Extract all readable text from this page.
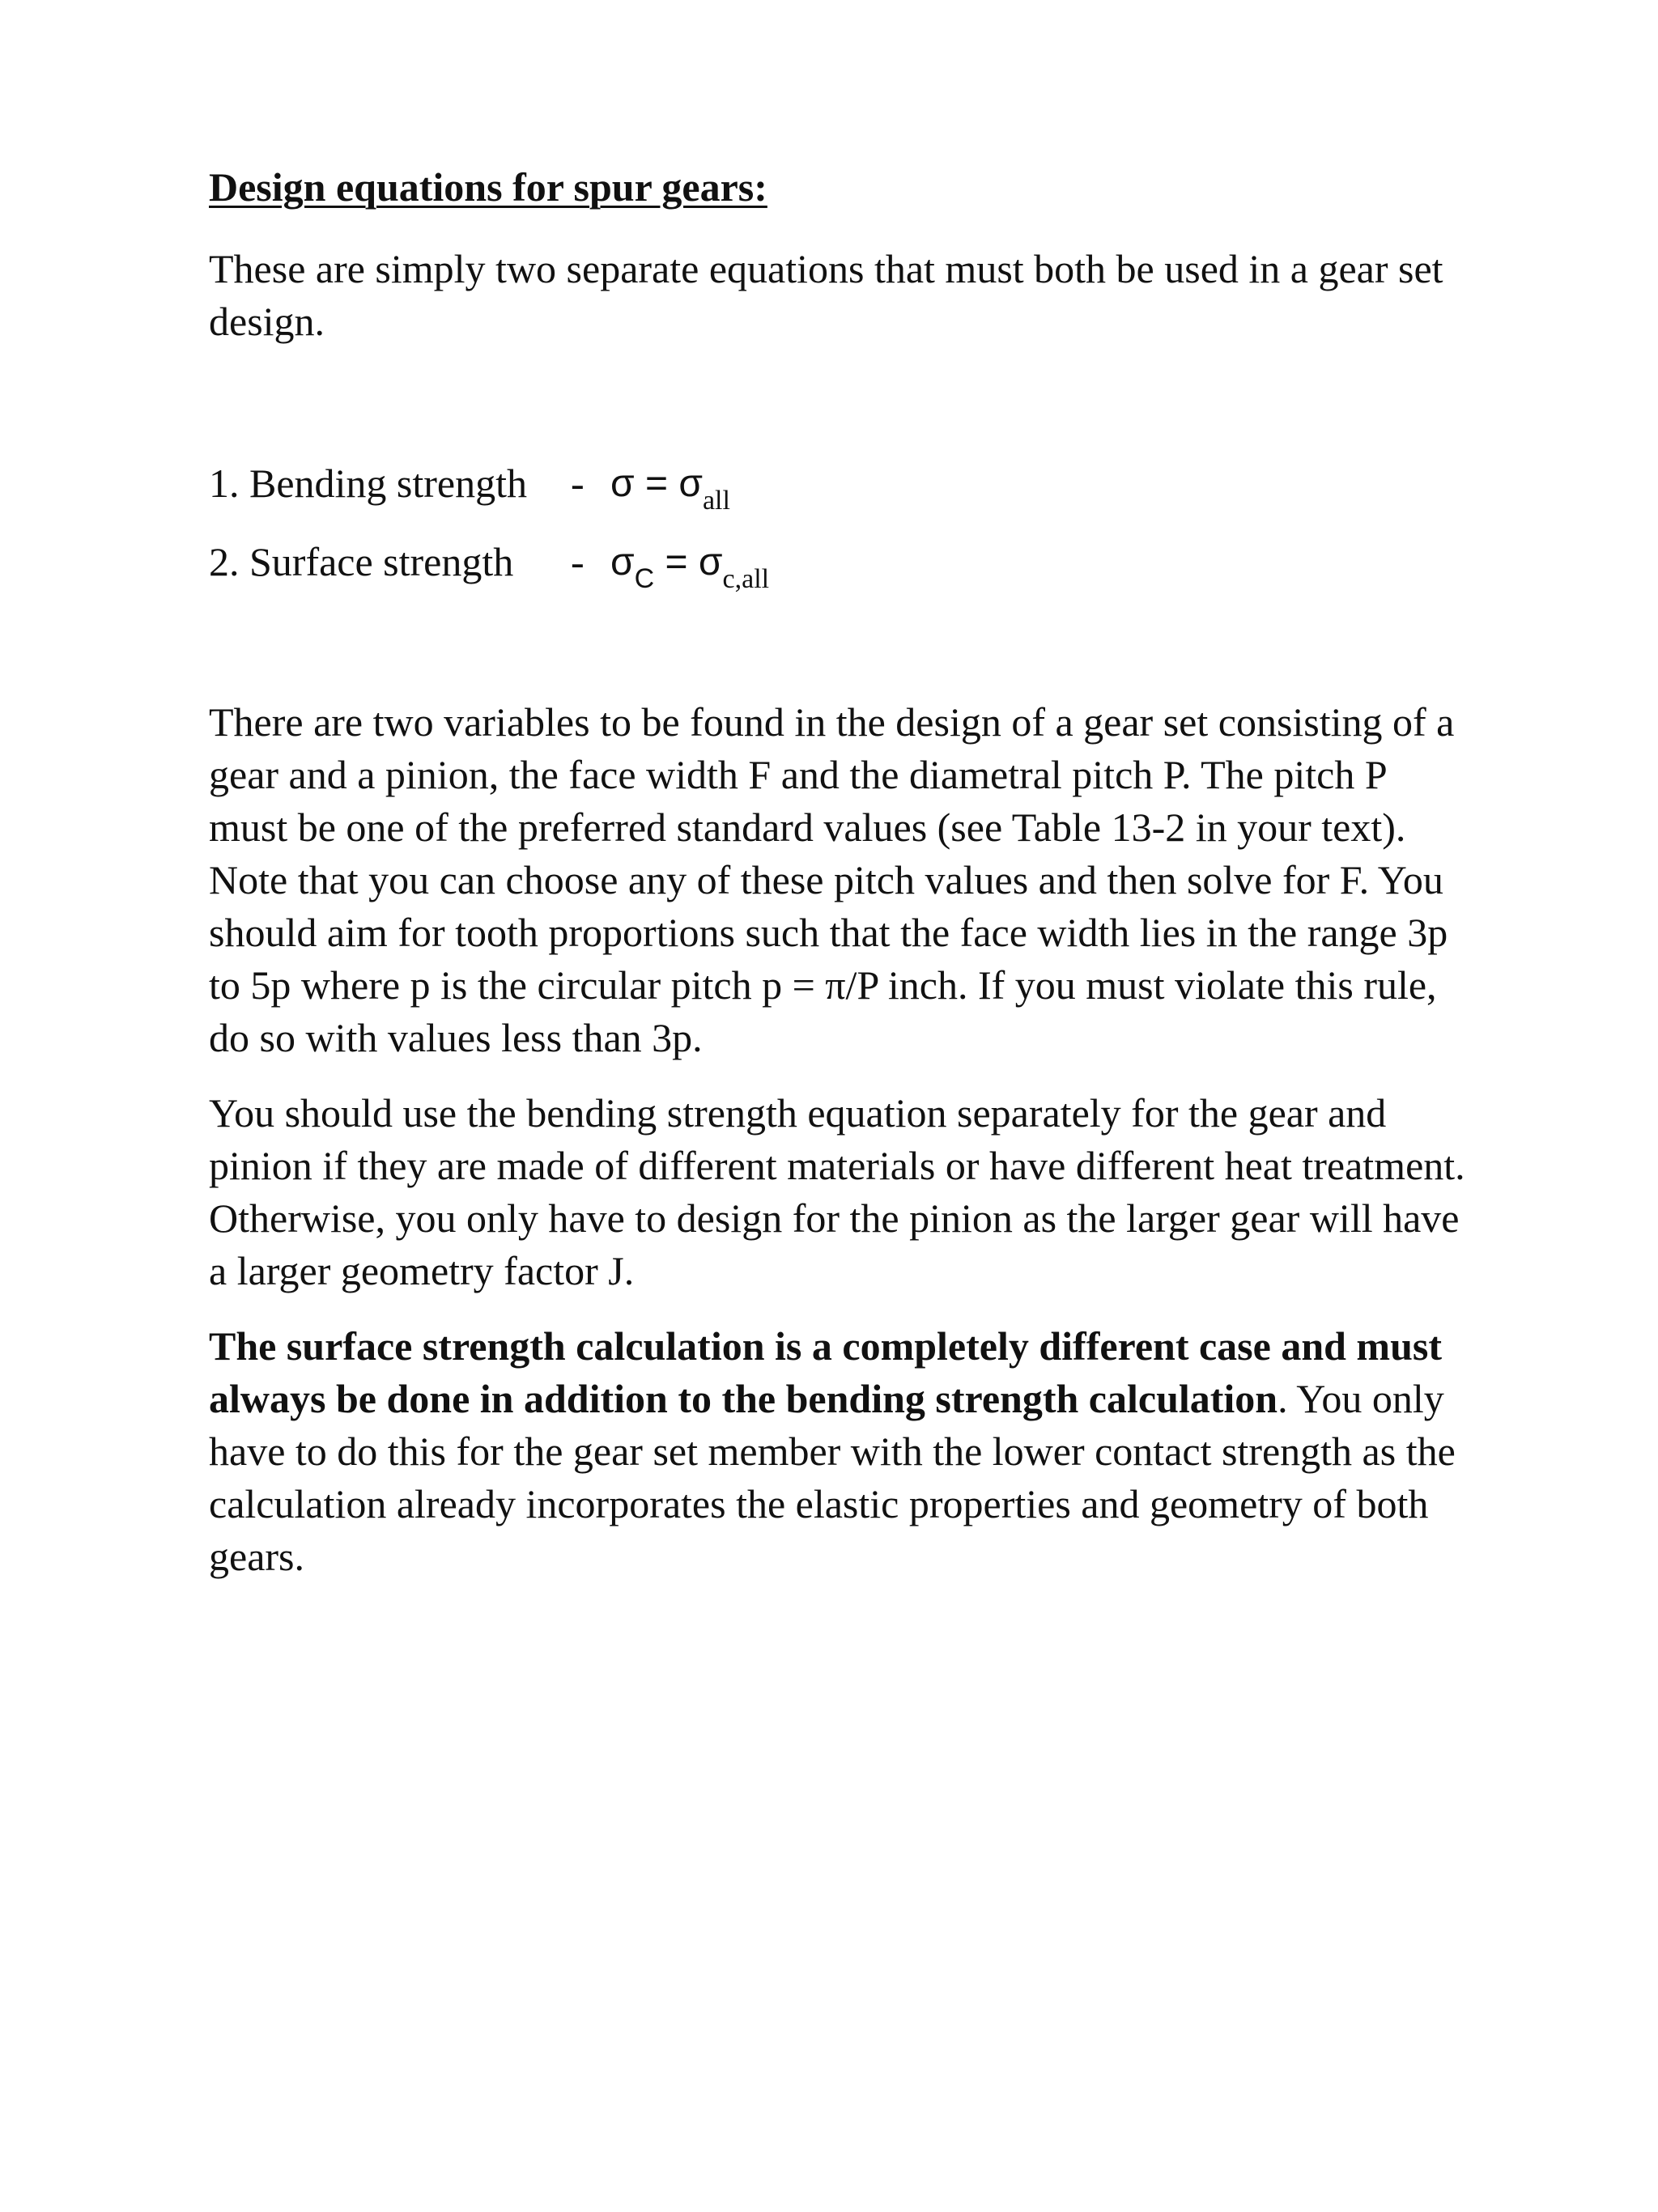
Design equations for spur gears:

These are simply two separate equations that must both be used in a gear set design.

1. Bending strength - $\sigma = \sigma_{all}$
2. Surface strength - $\sigma_C = \sigma_{c,all}$

There are two variables to be found in the design of a gear set consisting of a gear and a pinion, the face width F and the diametral pitch P. The pitch P must be one of the preferred standard values (see Table 13-2 in your text). Note that you can choose any of these pitch values and then solve for F. You should aim for tooth proportions such that the face width lies in the range 3p to 5p where p is the circular pitch p = π/P inch. If you must violate this rule, do so with values less than 3p.

You should use the bending strength equation separately for the gear and pinion if they are made of different materials or have different heat treatment. Otherwise, you only have to design for the pinion as the larger gear will have a larger geometry factor J.

The surface strength calculation is a completely different case and must always be done in addition to the bending strength calculation. You only have to do this for the gear set member with the lower contact strength as the calculation already incorporates the elastic properties and geometry of both gears.
